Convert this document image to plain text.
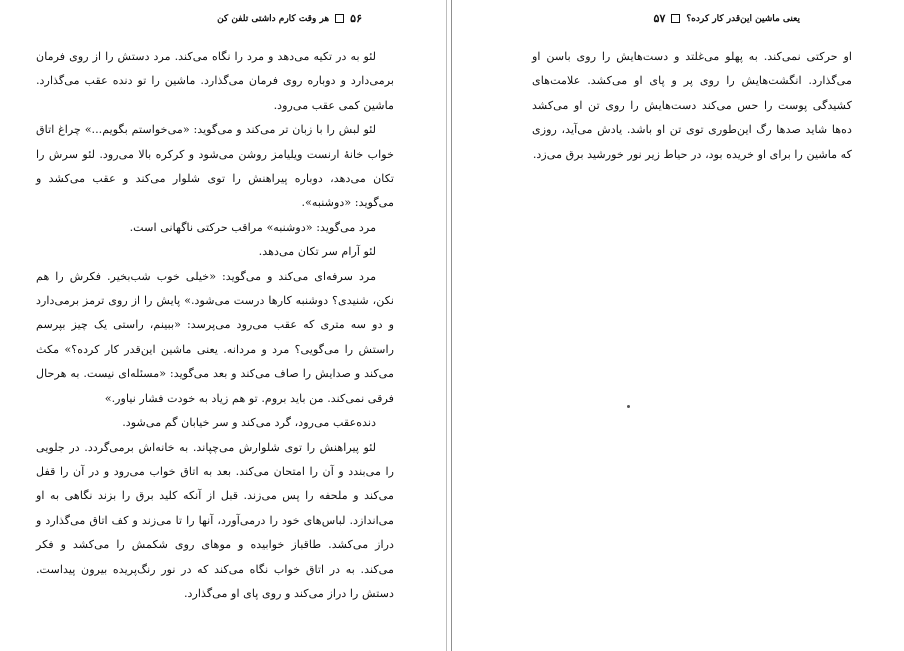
۵۶
هر وقت کارم داشتی تلفن کن

لئو به در تکیه می‌دهد و مرد را نگاه می‌کند. مرد دستش را از روی فرمان برمی‌دارد و دوباره روی فرمان می‌گذارد. ماشین را تو دنده عقب می‌گذارد. ماشین کمی عقب می‌رود.

لئو لبش را با زبان تر می‌کند و می‌گوید: «می‌خواستم بگویم...» چراغ اتاق خواب خانهٔ ارنست ویلیامز روشن می‌شود و کرکره بالا می‌رود. لئو سرش را تکان می‌دهد، دوباره پیراهنش را توی شلوار می‌کند و عقب می‌کشد و می‌گوید: «دوشنبه».

مرد می‌گوید: «دوشنبه» مراقب حرکتی ناگهانی است.

لئو آرام سر تکان می‌دهد.

مرد سرفه‌ای می‌کند و می‌گوید: «خیلی خوب شب‌بخیر. فکرش را هم نکن، شنیدی؟ دوشنبه کارها درست می‌شود.» پایش را از روی ترمز برمی‌دارد و دو سه متری که عقب می‌رود می‌پرسد: «ببینم، راستی یک چیز بپرسم راستش را می‌گویی؟ مرد و مردانه. یعنی ماشین این‌قدر کار کرده؟» مکث می‌کند و صدایش را صاف می‌کند و بعد می‌گوید: «مسئله‌ای نیست. به هرحال فرقی نمی‌کند. من باید بروم. تو هم زیاد به خودت فشار نیاور.»

دنده‌عقب می‌رود، گرد می‌کند و سر خیابان گم می‌شود.

لئو پیراهنش را توی شلوارش می‌چپاند. به خانه‌اش برمی‌گردد. در جلویی را می‌بندد و آن را امتحان می‌کند. بعد به اتاق خواب می‌رود و در آن را قفل می‌کند و ملحفه را پس می‌زند. قبل از آنکه کلید برق را بزند نگاهی به او می‌اندازد. لباس‌های خود را درمی‌آورد، آنها را تا می‌زند و کف اتاق می‌گذارد و دراز می‌کشد. طاقباز خوابیده و موهای روی شکمش را می‌کشد و فکر می‌کند. به در اتاق خواب نگاه می‌کند که در نور رنگ‌پریده بیرون پیداست. دستش را دراز می‌کند و روی پای او می‌گذارد.

یعنی ماشین این‌قدر کار کرده؟
۵۷

او حرکتی نمی‌کند. به پهلو می‌غلتد و دست‌هایش را روی باسن او می‌گذارد. انگشت‌هایش را روی پر و پای او می‌کشد. علامت‌های کشیدگی پوست را حس می‌کند دست‌هایش را روی تن او می‌کشد ده‌ها شاید صدها رگ این‌طوری توی تن او باشد. یادش می‌آید، روزی که ماشین را برای او خریده بود، در حیاط زیر نور خورشید برق می‌زد.
